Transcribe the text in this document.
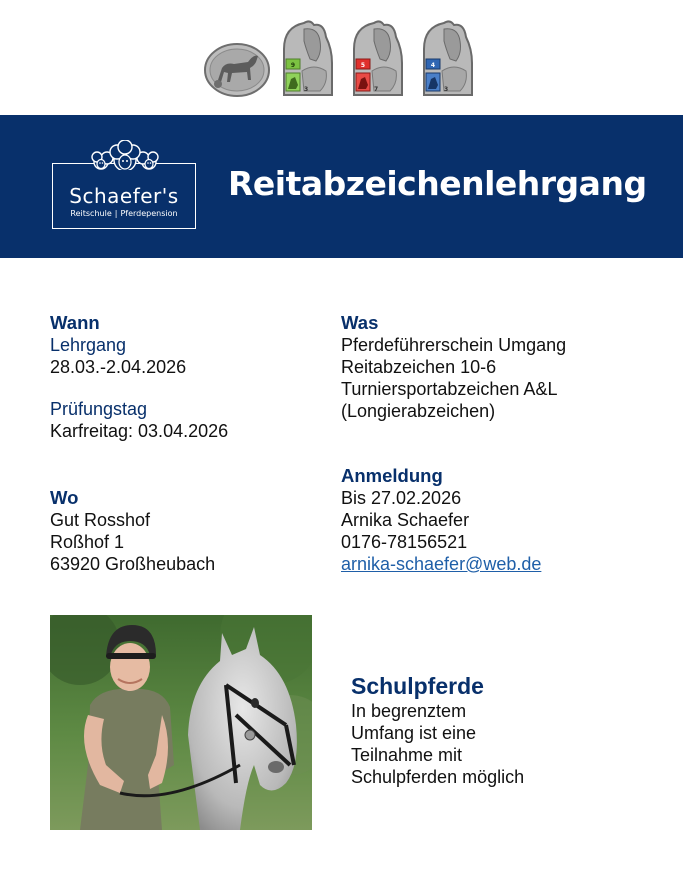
9
3
5
7
4
3
Schaefer's
Reitschule | Pferdepension
Reitabzeichenlehrgang
Wann
Lehrgang
28.03.-2.04.2026
Prüfungstag
Karfreitag: 03.04.2026
Wo
Gut Rosshof
Roßhof 1
63920 Großheubach
Was
Pferdeführerschein Umgang
Reitabzeichen 10-6
Turniersportabzeichen A&L
(Longierabzeichen)
Anmeldung
Bis 27.02.2026
Arnika Schaefer
0176-78156521
arnika-schaefer@web.de
Schulpferde
In begrenztem
Umfang ist eine
Teilnahme mit
Schulpferden möglich
